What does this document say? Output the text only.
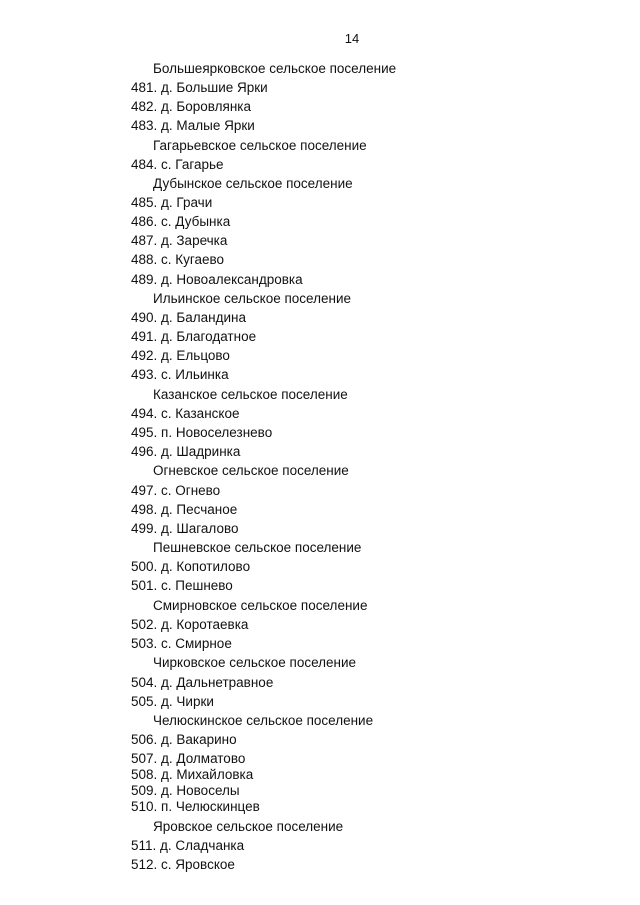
14
Большеярковское сельское поселение
481. д. Большие Ярки
482. д. Боровлянка
483. д. Малые Ярки
Гагарьевское сельское поселение
484. с. Гагарье
Дубынское сельское поселение
485. д. Грачи
486. с. Дубынка
487. д. Заречка
488. с. Кугаево
489. д. Новоалександровка
Ильинское сельское поселение
490. д. Баландина
491. д. Благодатное
492. д. Ельцово
493. с. Ильинка
Казанское сельское поселение
494. с. Казанское
495. п. Новоселезнево
496. д. Шадринка
Огневское сельское поселение
497. с. Огнево
498. д. Песчаное
499. д. Шагалово
Пешневское сельское поселение
500. д. Копотилово
501. с. Пешнево
Смирновское сельское поселение
502. д. Коротаевка
503. с. Смирное
Чирковское сельское поселение
504. д. Дальнетравное
505. д. Чирки
Челюскинское сельское поселение
506. д. Вакарино
507. д. Долматово
508. д. Михайловка
509. д. Новоселы
510. п. Челюскинцев
Яровское сельское поселение
511. д. Сладчанка
512. с. Яровское
